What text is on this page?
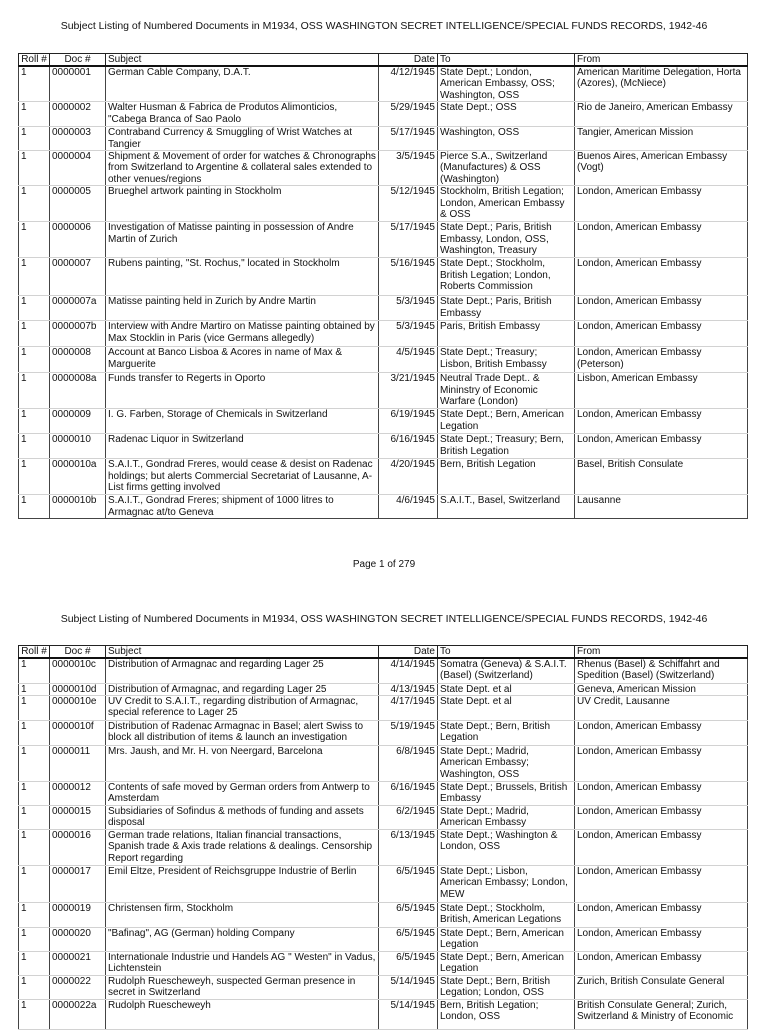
Subject Listing of Numbered Documents in M1934, OSS WASHINGTON SECRET INTELLIGENCE/SPECIAL FUNDS RECORDS, 1942-46
Roll #	Doc #	Subject	Date	To	From
1	0000001	German Cable Company, D.A.T.	4/12/1945	State Dept.; London, American Embassy, OSS; Washington, OSS	American Maritime Delegation, Horta (Azores), (McNiece)
1	0000002	Walter Husman & Fabrica de Produtos Alimonticios, "Cabega Branca of Sao Paolo	5/29/1945	State Dept.; OSS	Rio de Janeiro, American Embassy
1	0000003	Contraband Currency & Smuggling of Wrist Watches at Tangier	5/17/1945	Washington, OSS	Tangier, American Mission
1	0000004	Shipment & Movement of order for watches & Chronographs from Switzerland to Argentine & collateral sales extended to other venues/regions	3/5/1945	Pierce S.A., Switzerland (Manufactures) & OSS (Washington)	Buenos Aires, American Embassy (Vogt)
1	0000005	Brueghel artwork painting in Stockholm	5/12/1945	Stockholm, British Legation; London, American Embassy & OSS	London, American Embassy
1	0000006	Investigation of Matisse painting in possession of Andre Martin of Zurich	5/17/1945	State Dept.; Paris, British Embassy, London, OSS, Washington, Treasury	London, American Embassy
1	0000007	Rubens painting, "St. Rochus," located in Stockholm	5/16/1945	State Dept.; Stockholm, British Legation; London, Roberts Commission	London, American Embassy
1	0000007a	Matisse painting held in Zurich by Andre Martin	5/3/1945	State Dept.; Paris, British Embassy	London, American Embassy
1	0000007b	Interview with Andre Martiro on Matisse painting obtained by Max Stocklin in Paris (vice Germans allegedly)	5/3/1945	Paris, British Embassy	London, American Embassy
1	0000008	Account at Banco Lisboa & Acores in name of Max & Marguerite	4/5/1945	State Dept.; Treasury; Lisbon, British Embassy	London, American Embassy (Peterson)
1	0000008a	Funds transfer to Regerts in Oporto	3/21/1945	Neutral Trade Dept.. & Mininstry of Economic Warfare (London)	Lisbon, American Embassy
1	0000009	I. G. Farben, Storage of Chemicals in Switzerland	6/19/1945	State Dept.; Bern, American Legation	London, American Embassy
1	0000010	Radenac Liquor in Switzerland	6/16/1945	State Dept.; Treasury; Bern, British Legation	London, American Embassy
1	0000010a	S.A.I.T., Gondrad Freres, would cease & desist on Radenac holdings; but alerts Commercial Secretariat of Lausanne, A-List firms getting involved	4/20/1945	Bern, British Legation	Basel, British Consulate
1	0000010b	S.A.I.T., Gondrad Freres; shipment of 1000 litres to Armagnac at/to Geneva	4/6/1945	S.A.I.T., Basel, Switzerland	Lausanne
Page 1 of 279
Subject Listing of Numbered Documents in M1934, OSS WASHINGTON SECRET INTELLIGENCE/SPECIAL FUNDS RECORDS, 1942-46
Roll #	Doc #	Subject	Date	To	From
1	0000010c	Distribution of Armagnac and regarding Lager 25	4/14/1945	Somatra (Geneva) & S.A.I.T.(Basel) (Switzerland)	Rhenus (Basel) & Schiffahrt and Spedition (Basel) (Switzerland)
1	0000010d	Distribution of Armagnac, and regarding Lager 25	4/13/1945	State Dept. et al	Geneva, American Mission
1	0000010e	UV Credit to S.A.I.T., regarding distribution of Armagnac, special reference to Lager 25	4/17/1945	State Dept. et al	UV Credit, Lausanne
1	0000010f	Distribution of Radenac Armagnac in Basel; alert Swiss to block all distribution of items & launch an investigation	5/19/1945	State Dept.; Bern, British Legation	London, American Embassy
1	0000011	Mrs. Jaush, and Mr. H. von Neergard, Barcelona	6/8/1945	State Dept.; Madrid, American Embassy; Washington, OSS	London, American Embassy
1	0000012	Contents of safe moved by German orders from Antwerp to Amsterdam	6/16/1945	State Dept.; Brussels, British Embassy	London, American Embassy
1	0000015	Subsidiaries of Sofindus & methods of funding and assets disposal	6/2/1945	State Dept.; Madrid, American Embassy	London, American Embassy
1	0000016	German trade relations, Italian financial transactions, Spanish trade & Axis trade relations & dealings. Censorship Report regarding	6/13/1945	State Dept.; Washington & London, OSS	London, American Embassy
1	0000017	Emil Eltze, President of Reichsgruppe Industrie of Berlin	6/5/1945	State Dept.; Lisbon, American Embassy; London, MEW	London, American Embassy
1	0000019	Christensen firm, Stockholm	6/5/1945	State Dept.; Stockholm, British, American Legations	London, American Embassy
1	0000020	"Bafinag", AG (German) holding Company	6/5/1945	State Dept.; Bern, American Legation	London, American Embassy
1	0000021	Internationale Industrie und Handels AG " Westen" in Vadus, Lichtenstein	6/5/1945	State Dept.; Bern, American Legation	London, American Embassy
1	0000022	Rudolph Ruescheweyh, suspected German presence in secret in Switzerland	5/14/1945	State Dept.; Bern, British Legation; London, OSS	Zurich, British Consulate General
1	0000022a	Rudolph Ruescheweyh	5/14/1945	Bern, British Legation; London, OSS	British Consulate General; Zurich, Switzerland & Ministry of Economic
